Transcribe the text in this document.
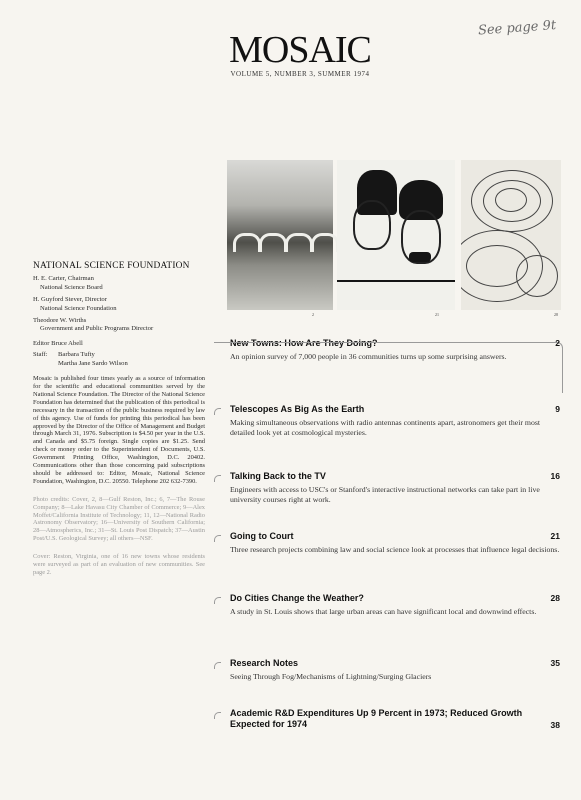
See page 9t
MOSAIC
VOLUME 5, NUMBER 3, SUMMER 1974
2	21	28
NATIONAL SCIENCE FOUNDATION
H. E. Carter, Chairman
National Science Board
H. Guyford Stever, Director
National Science Foundation
Theodore W. Wirths
Government and Public Programs Director
Editor Bruce Abell
Staff:	Barbara Tufty
Martha Jane Sardo Wilson
Mosaic is published four times yearly as a source of information for the scientific and educational communities served by the National Science Foundation. The Director of the National Science Foundation has determined that the publication of this periodical is necessary in the transaction of the public business required by law of this agency. Use of funds for printing this periodical has been approved by the Director of the Office of Management and Budget through March 31, 1976. Subscription is $4.50 per year in the U.S. and Canada and $5.75 foreign. Single copies are $1.25. Send check or money order to the Superintendent of Documents, U.S. Government Printing Office, Washington, D.C. 20402. Communications other than those concerning paid subscriptions should be addressed to: Editor, Mosaic, National Science Foundation, Washington, D.C. 20550. Telephone 202 632-7390.
Photo credits: Cover, 2, 8—Gulf Reston, Inc.; 6, 7—The Rouse Company; 8—Lake Havasu City Chamber of Commerce; 9—Alex Moffet/California Institute of Technology; 11, 12—National Radio Astronomy Observatory; 16—University of Southern California; 28—Atmospherics, Inc.; 31—St. Louis Post Dispatch; 37—Austin Post/U.S. Geological Survey; all others—NSF.
Cover: Reston, Virginia, one of 16 new towns whose residents were surveyed as part of an evaluation of new communities. See page 2.
New Towns: How Are They Doing?	2
An opinion survey of 7,000 people in 36 communities turns up some surprising answers.
Telescopes As Big As the Earth	9
Making simultaneous observations with radio antennas continents apart, astronomers get their most detailed look yet at cosmological mysteries.
Talking Back to the TV	16
Engineers with access to USC's or Stanford's interactive instructional networks can take part in live university courses right at work.
Going to Court	21
Three research projects combining law and social science look at processes that influence legal decisions.
Do Cities Change the Weather?	28
A study in St. Louis shows that large urban areas can have significant local and downwind effects.
Research Notes	35
Seeing Through Fog/Mechanisms of Lightning/Surging Glaciers
Academic R&D Expenditures Up 9 Percent in 1973; Reduced Growth Expected for 1974	38
